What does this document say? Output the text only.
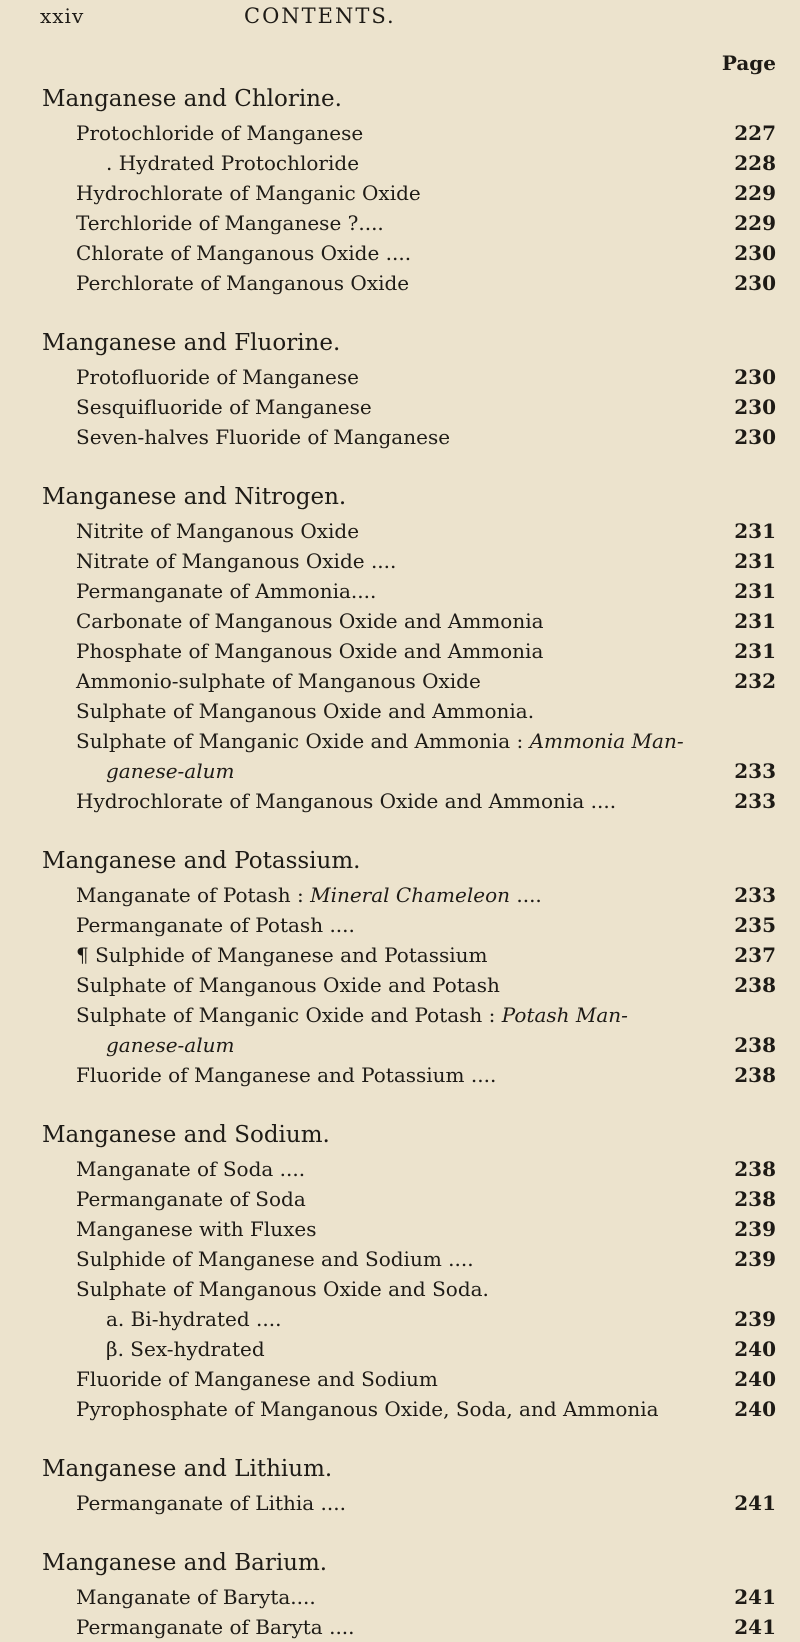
xxiv	CONTENTS.
Page
Manganese and Chlorine.
Protochloride of Manganese	227
. Hydrated Protochloride	228
Hydrochlorate of Manganic Oxide	229
Terchloride of Manganese ?....	229
Chlorate of Manganous Oxide ....	230
Perchlorate of Manganous Oxide	230
Manganese and Fluorine.
Protofluoride of Manganese	230
Sesquifluoride of Manganese	230
Seven-halves Fluoride of Manganese	230
Manganese and Nitrogen.
Nitrite of Manganous Oxide	231
Nitrate of Manganous Oxide ....	231
Permanganate of Ammonia....	231
Carbonate of Manganous Oxide and Ammonia	231
Phosphate of Manganous Oxide and Ammonia	231
Ammonio-sulphate of Manganous Oxide	232
Sulphate of Manganous Oxide and Ammonia.
Sulphate of Manganic Oxide and Ammonia : Ammonia Man-
ganese-alum	233
Hydrochlorate of Manganous Oxide and Ammonia ....	233
Manganese and Potassium.
Manganate of Potash : Mineral Chameleon ....	233
Permanganate of Potash ....	235
¶ Sulphide of Manganese and Potassium	237
Sulphate of Manganous Oxide and Potash	238
Sulphate of Manganic Oxide and Potash : Potash Man-
ganese-alum	238
Fluoride of Manganese and Potassium ....	238
Manganese and Sodium.
Manganate of Soda ....	238
Permanganate of Soda	238
Manganese with Fluxes	239
Sulphide of Manganese and Sodium ....	239
Sulphate of Manganous Oxide and Soda.
a. Bi-hydrated ....	239
β. Sex-hydrated	240
Fluoride of Manganese and Sodium	240
Pyrophosphate of Manganous Oxide, Soda, and Ammonia	240
Manganese and Lithium.
Permanganate of Lithia ....	241
Manganese and Barium.
Manganate of Baryta....	241
Permanganate of Baryta ....	241
